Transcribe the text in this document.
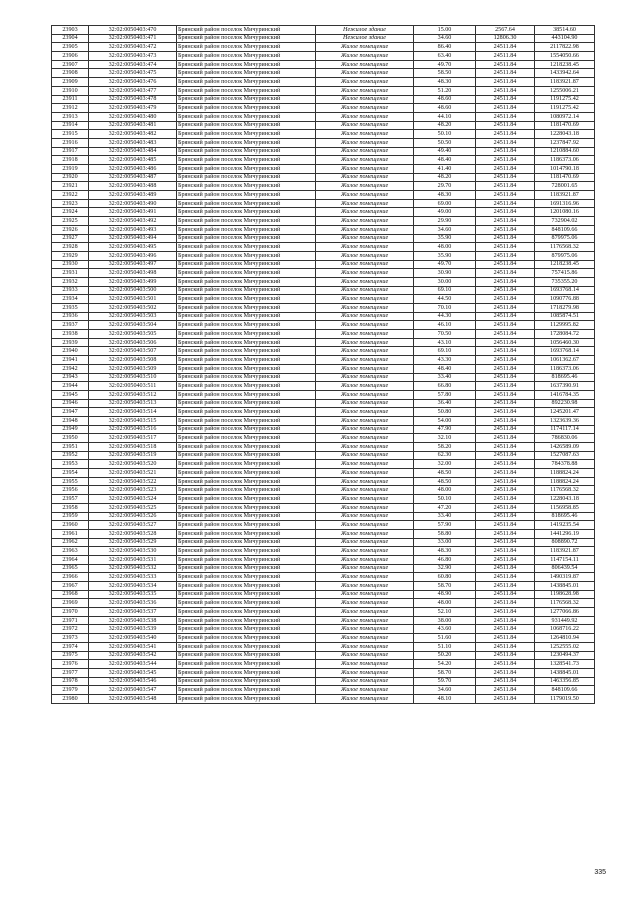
23903	32:02:0050403:470	Брянский район поселок Мичуринский	Нежилое здание	15.00	2567.64	38514.60
23904	32:02:0050403:471	Брянский район поселок Мичуринский	Нежилое здание	34.60	12806.30	443104.90
23905	32:02:0050403:472	Брянский район поселок Мичуринский	Жилое помещение	86.40	24511.84	2117822.98
23906	32:02:0050403:473	Брянский район поселок Мичуринский	Жилое помещение	63.40	24511.84	1554050.66
23907	32:02:0050403:474	Брянский район поселок Мичуринский	Жилое помещение	49.70	24511.84	1218238.45
23908	32:02:0050403:475	Брянский район поселок Мичуринский	Жилое помещение	58.50	24511.84	1433942.64
23909	32:02:0050403:476	Брянский район поселок Мичуринский	Жилое помещение	48.30	24511.84	1183921.87
23910	32:02:0050403:477	Брянский район поселок Мичуринский	Жилое помещение	51.20	24511.84	1255006.21
23911	32:02:0050403:478	Брянский район поселок Мичуринский	Жилое помещение	48.60	24511.84	1191275.42
23912	32:02:0050403:479	Брянский район поселок Мичуринский	Жилое помещение	48.60	24511.84	1191275.42
23913	32:02:0050403:480	Брянский район поселок Мичуринский	Жилое помещение	44.10	24511.84	1080972.14
23914	32:02:0050403:481	Брянский район поселок Мичуринский	Жилое помещение	48.20	24511.84	1181470.69
23915	32:02:0050403:482	Брянский район поселок Мичуринский	Жилое помещение	50.10	24511.84	1228043.18
23916	32:02:0050403:483	Брянский район поселок Мичуринский	Жилое помещение	50.50	24511.84	1237847.92
23917	32:02:0050403:484	Брянский район поселок Мичуринский	Жилое помещение	49.40	24511.84	1210884.60
23918	32:02:0050403:485	Брянский район поселок Мичуринский	Жилое помещение	48.40	24511.84	1186373.06
23919	32:02:0050403:486	Брянский район поселок Мичуринский	Жилое помещение	41.40	24511.84	1014790.18
23920	32:02:0050403:487	Брянский район поселок Мичуринский	Жилое помещение	48.20	24511.84	1181470.69
23921	32:02:0050403:488	Брянский район поселок Мичуринский	Жилое помещение	29.70	24511.84	728001.65
23922	32:02:0050403:489	Брянский район поселок Мичуринский	Жилое помещение	48.30	24511.84	1183921.87
23923	32:02:0050403:490	Брянский район поселок Мичуринский	Жилое помещение	69.00	24511.84	1691316.96
23924	32:02:0050403:491	Брянский район поселок Мичуринский	Жилое помещение	49.00	24511.84	1201080.16
23925	32:02:0050403:492	Брянский район поселок Мичуринский	Жилое помещение	29.90	24511.84	732904.02
23926	32:02:0050403:493	Брянский район поселок Мичуринский	Жилое помещение	34.60	24511.84	848109.66
23927	32:02:0050403:494	Брянский район поселок Мичуринский	Жилое помещение	35.90	24511.84	879975.06
23928	32:02:0050403:495	Брянский район поселок Мичуринский	Жилое помещение	48.00	24511.84	1176568.32
23929	32:02:0050403:496	Брянский район поселок Мичуринский	Жилое помещение	35.90	24511.84	879975.06
23930	32:02:0050403:497	Брянский район поселок Мичуринский	Жилое помещение	49.70	24511.84	1218238.45
23931	32:02:0050403:498	Брянский район поселок Мичуринский	Жилое помещение	30.90	24511.84	757415.86
23932	32:02:0050403:499	Брянский район поселок Мичуринский	Жилое помещение	30.00	24511.84	735355.20
23933	32:02:0050403:500	Брянский район поселок Мичуринский	Жилое помещение	69.10	24511.84	1693768.14
23934	32:02:0050403:501	Брянский район поселок Мичуринский	Жилое помещение	44.50	24511.84	1090776.88
23935	32:02:0050403:502	Брянский район поселок Мичуринский	Жилое помещение	70.10	24511.84	1718279.98
23936	32:02:0050403:503	Брянский район поселок Мичуринский	Жилое помещение	44.30	24511.84	1085874.51
23937	32:02:0050403:504	Брянский район поселок Мичуринский	Жилое помещение	46.10	24511.84	1129995.82
23938	32:02:0050403:505	Брянский район поселок Мичуринский	Жилое помещение	70.50	24511.84	1728084.72
23939	32:02:0050403:506	Брянский район поселок Мичуринский	Жилое помещение	43.10	24511.84	1056460.30
23940	32:02:0050403:507	Брянский район поселок Мичуринский	Жилое помещение	69.10	24511.84	1693768.14
23941	32:02:0050403:508	Брянский район поселок Мичуринский	Жилое помещение	43.30	24511.84	1061362.67
23942	32:02:0050403:509	Брянский район поселок Мичуринский	Жилое помещение	48.40	24511.84	1186373.06
23943	32:02:0050403:510	Брянский район поселок Мичуринский	Жилое помещение	33.40	24511.84	818695.46
23944	32:02:0050403:511	Брянский район поселок Мичуринский	Жилое помещение	66.80	24511.84	1637390.91
23945	32:02:0050403:512	Брянский район поселок Мичуринский	Жилое помещение	57.80	24511.84	1416784.35
23946	32:02:0050403:513	Брянский район поселок Мичуринский	Жилое помещение	36.40	24511.84	892230.98
23947	32:02:0050403:514	Брянский район поселок Мичуринский	Жилое помещение	50.80	24511.84	1245201.47
23948	32:02:0050403:515	Брянский район поселок Мичуринский	Жилое помещение	54.00	24511.84	1323639.36
23949	32:02:0050403:516	Брянский район поселок Мичуринский	Жилое помещение	47.90	24511.84	1174117.14
23950	32:02:0050403:517	Брянский район поселок Мичуринский	Жилое помещение	32.10	24511.84	786830.06
23951	32:02:0050403:518	Брянский район поселок Мичуринский	Жилое помещение	58.20	24511.84	1426589.09
23952	32:02:0050403:519	Брянский район поселок Мичуринский	Жилое помещение	62.30	24511.84	1527087.63
23953	32:02:0050403:520	Брянский район поселок Мичуринский	Жилое помещение	32.00	24511.84	784378.88
23954	32:02:0050403:521	Брянский район поселок Мичуринский	Жилое помещение	48.50	24511.84	1188824.24
23955	32:02:0050403:522	Брянский район поселок Мичуринский	Жилое помещение	48.50	24511.84	1188824.24
23956	32:02:0050403:523	Брянский район поселок Мичуринский	Жилое помещение	48.00	24511.84	1176568.32
23957	32:02:0050403:524	Брянский район поселок Мичуринский	Жилое помещение	50.10	24511.84	1228043.18
23958	32:02:0050403:525	Брянский район поселок Мичуринский	Жилое помещение	47.20	24511.84	1156958.85
23959	32:02:0050403:526	Брянский район поселок Мичуринский	Жилое помещение	33.40	24511.84	818695.46
23960	32:02:0050403:527	Брянский район поселок Мичуринский	Жилое помещение	57.90	24511.84	1419235.54
23961	32:02:0050403:528	Брянский район поселок Мичуринский	Жилое помещение	58.80	24511.84	1441296.19
23962	32:02:0050403:529	Брянский район поселок Мичуринский	Жилое помещение	33.00	24511.84	808890.72
23963	32:02:0050403:530	Брянский район поселок Мичуринский	Жилое помещение	48.30	24511.84	1183921.87
23964	32:02:0050403:531	Брянский район поселок Мичуринский	Жилое помещение	46.80	24511.84	1147154.11
23965	32:02:0050403:532	Брянский район поселок Мичуринский	Жилое помещение	32.90	24511.84	806439.54
23966	32:02:0050403:533	Брянский район поселок Мичуринский	Жилое помещение	60.80	24511.84	1490319.87
23967	32:02:0050403:534	Брянский район поселок Мичуринский	Жилое помещение	58.70	24511.84	1438845.01
23968	32:02:0050403:535	Брянский район поселок Мичуринский	Жилое помещение	48.90	24511.84	1198628.98
23969	32:02:0050403:536	Брянский район поселок Мичуринский	Жилое помещение	48.00	24511.84	1176568.32
23970	32:02:0050403:537	Брянский район поселок Мичуринский	Жилое помещение	52.10	24511.84	1277066.86
23971	32:02:0050403:538	Брянский район поселок Мичуринский	Жилое помещение	38.00	24511.84	931449.92
23972	32:02:0050403:539	Брянский район поселок Мичуринский	Жилое помещение	43.60	24511.84	1068716.22
23973	32:02:0050403:540	Брянский район поселок Мичуринский	Жилое помещение	51.60	24511.84	1264810.94
23974	32:02:0050403:541	Брянский район поселок Мичуринский	Жилое помещение	51.10	24511.84	1252555.02
23975	32:02:0050403:542	Брянский район поселок Мичуринский	Жилое помещение	50.20	24511.84	1230494.37
23976	32:02:0050403:544	Брянский район поселок Мичуринский	Жилое помещение	54.20	24511.84	1328541.73
23977	32:02:0050403:545	Брянский район поселок Мичуринский	Жилое помещение	58.70	24511.84	1438845.01
23978	32:02:0050403:546	Брянский район поселок Мичуринский	Жилое помещение	59.70	24511.84	1463356.85
23979	32:02:0050403:547	Брянский район поселок Мичуринский	Жилое помещение	34.60	24511.84	848109.66
23980	32:02:0050403:548	Брянский район поселок Мичуринский	Жилое помещение	48.10	24511.84	1179019.50
335
